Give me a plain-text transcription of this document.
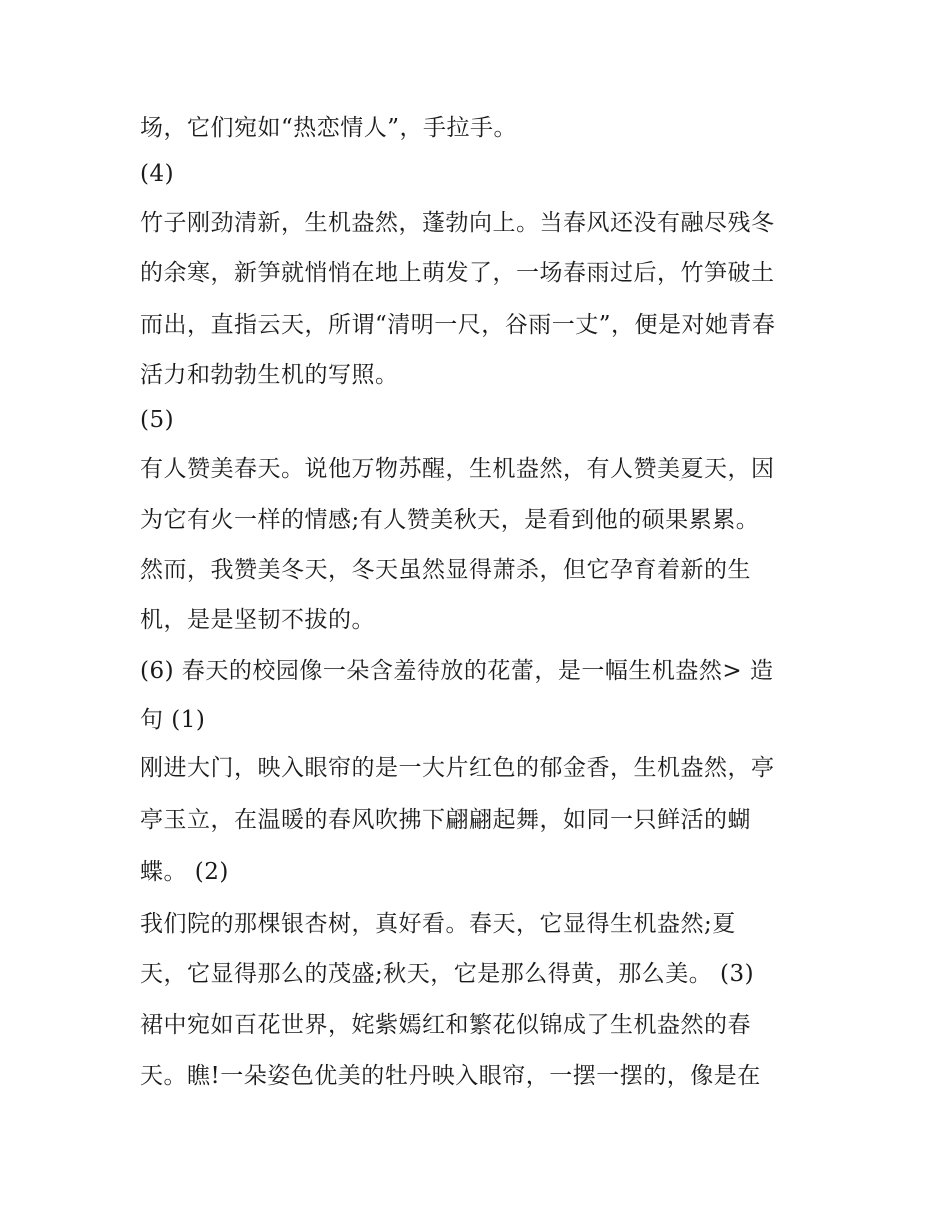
场，它们宛如“热恋情人”，手拉手。
(4)
竹子刚劲清新，生机盎然，蓬勃向上。当春风还没有融尽残冬
的余寒，新笋就悄悄在地上萌发了，一场春雨过后，竹笋破土
而出，直指云天，所谓“清明一尺，谷雨一丈”，便是对她青春
活力和勃勃生机的写照。
(5)
有人赞美春天。说他万物苏醒，生机盎然，有人赞美夏天，因
为它有火一样的情感;有人赞美秋天，是看到他的硕果累累。
然而，我赞美冬天，冬天虽然显得萧杀，但它孕育着新的生
机，是是坚韧不拔的。
(6) 春天的校园像一朵含羞待放的花蕾，是一幅生机盎然> 造
句 (1)
刚进大门，映入眼帘的是一大片红色的郁金香，生机盎然，亭
亭玉立，在温暖的春风吹拂下翩翩起舞，如同一只鲜活的蝴
蝶。 (2)
我们院的那棵银杏树，真好看。春天，它显得生机盎然;夏
天，它显得那么的茂盛;秋天，它是那么得黄，那么美。 (3)
裙中宛如百花世界，姹紫嫣红和繁花似锦成了生机盎然的春
天。瞧!一朵姿色优美的牡丹映入眼帘，一摆一摆的，像是在
